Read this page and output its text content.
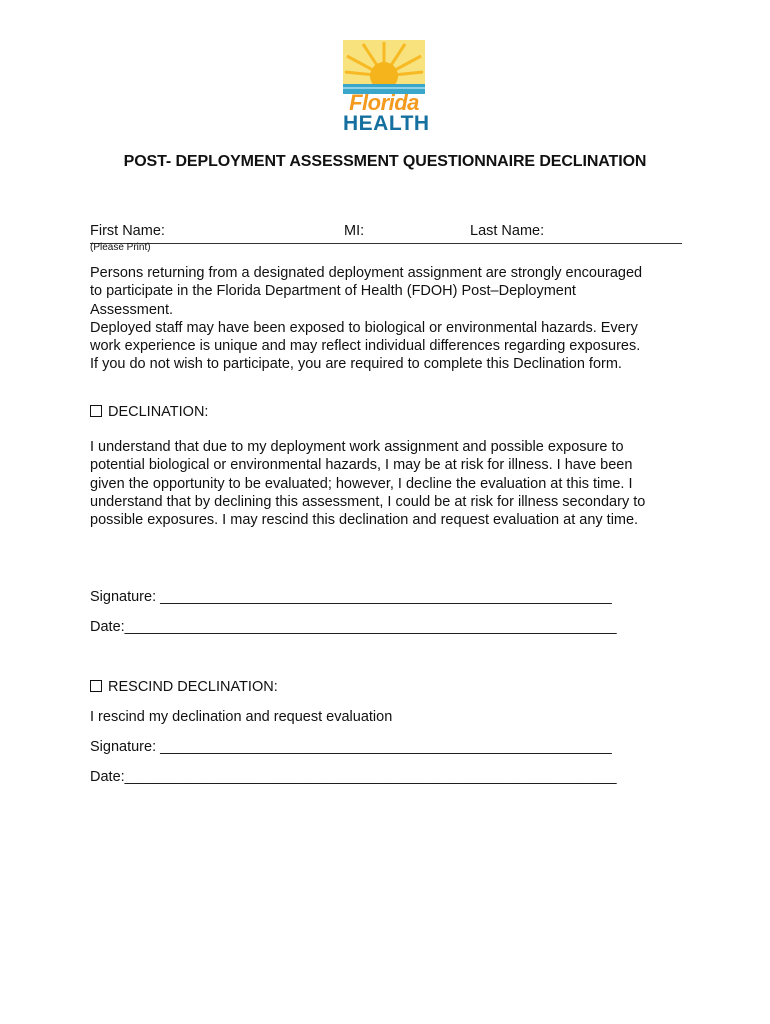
Florida
HEALTH
POST- DEPLOYMENT ASSESSMENT QUESTIONNAIRE DECLINATION
First Name:	MI:	Last Name:
(Please Print)

Persons returning from a designated deployment assignment are strongly encouraged
to participate in the Florida Department of Health (FDOH) Post–Deployment
Assessment.
Deployed staff may have been exposed to biological or environmental hazards. Every
work experience is unique and may reflect individual differences regarding exposures.
If you do not wish to participate, you are required to complete this Declination form.

DECLINATION:

I understand that due to my deployment work assignment and possible exposure to
potential biological or environmental hazards, I may be at risk for illness. I have been
given the opportunity to be evaluated; however, I decline the evaluation at this time. I
understand that by declining this assessment, I could be at risk for illness secondary to
possible exposures. I may rescind this declination and request evaluation at any time.

Signature: ________________________________________________________
Date:_____________________________________________________________
RESCIND DECLINATION:
I rescind my declination and request evaluation
Signature: ________________________________________________________
Date:_____________________________________________________________
